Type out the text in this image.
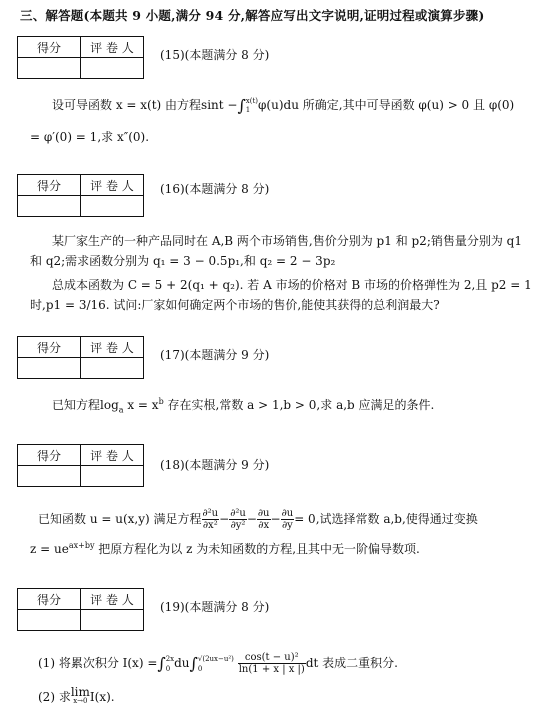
三、解答题(本题共 9 小题,满分 94 分,解答应写出文字说明,证明过程或演算步骤)
得分	评 卷 人

(15)(本题满分 8 分)
设可导函数 x = x(t) 由方程sint −∫ x(t)
1 φ(u)du 所确定,其中可导函数 φ(u) > 0 且 φ(0)
= φ′(0) = 1,求 x″(0).
得分	评 卷 人
	(16)(本题满分 8 分)
某厂家生产的一种产品同时在 A,B 两个市场销售,售价分别为 p1 和 p2;销售量分别为 q1
和 q2;需求函数分别为 q₁ = 3 − 0.5p₁,和 q₂ = 2 − 3p₂
总成本函数为 C = 5 + 2(q₁ + q₂). 若 A 市场的价格对 B 市场的价格弹性为 2,且 p2 = 1
时,p1 = 3/16. 试问:厂家如何确定两个市场的售价,能使其获得的总利润最大?
得分	评 卷 人

(17)(本题满分 9 分)
已知方程$\log_a x = x^b$ 存在实根,常数 a > 1,b > 0,求 a,b 应满足的条件.
得分	评 卷 人

(18)(本题满分 9 分)
已知函数 u = u(x,y) 满足方程 $\frac{\text{∂²u}}{\text{∂x²}} - \frac{\text{∂²u}}{\text{∂y²}} - \frac{\partial u}{\partial x} - \frac{\partial u}{\partial y} = 0$,试选择常数 a,b,使得通过变换
$z = ue^{ax+by}$ 把原方程化为以 z 为未知函数的方程,且其中无一阶偏导数项.
得分	评 卷 人

(19)(本题满分 8 分)
(1) 将累次积分 I(x) =∫ 2x
0 du∫ √(2ux−u²)
0
	$\frac{\text{cos(t − u)²}}{\ln(1 + x | x |)}$ dt 表成二重积分.
(2) 求lim
x→0 I(x).
